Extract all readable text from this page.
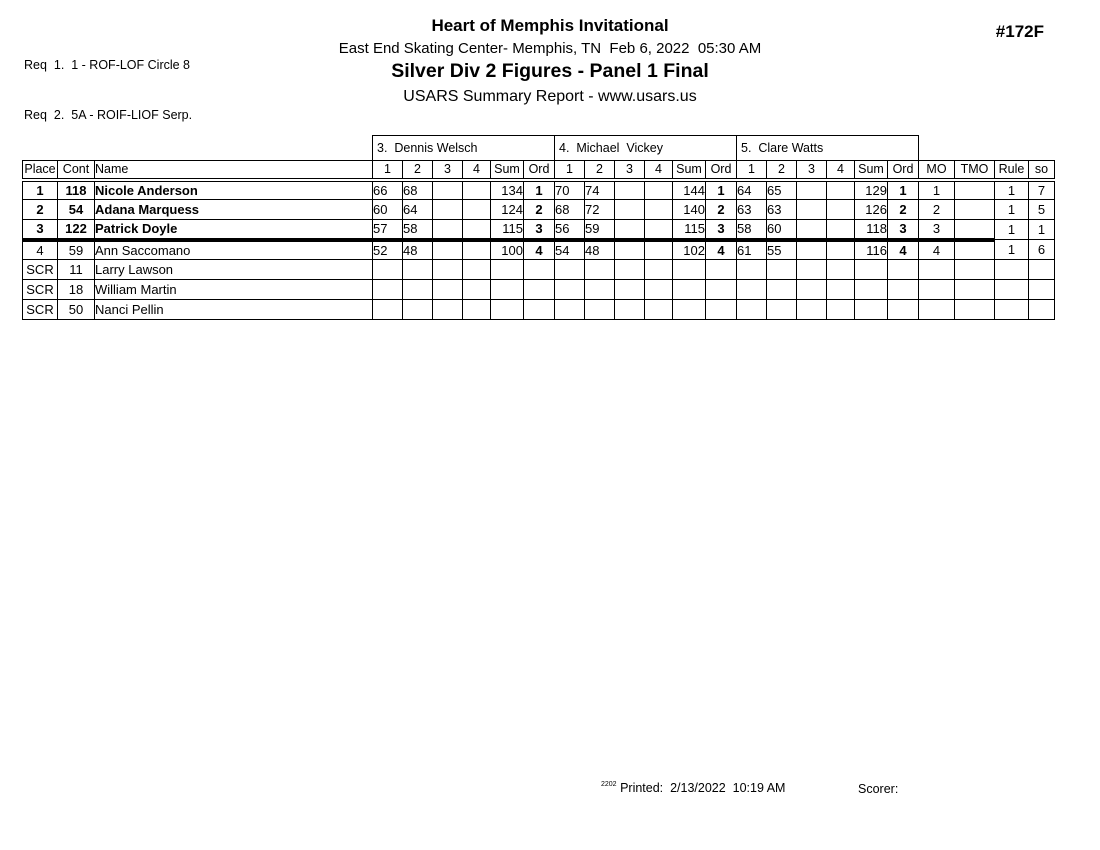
Req  1.  1 - ROF-LOF Circle 8

Req  2.  5A - ROIF-LIOF Serp.

Heart of Memphis Invitational
East End Skating Center- Memphis, TN  Feb 6, 2022  05:30 AM
Silver Div 2 Figures - Panel 1 Final
USARS Summary Report - www.usars.us
#172F
			3.  Dennis Welsch						4.  Michael  Vickey						5.  Clare Watts									
Place	Cont	Name	1	2	3	4	Sum	Ord	1	2	3	4	Sum	Ord	1	2	3	4	Sum	Ord	MO	TMO	Rule	so
1	118	Nicole Anderson	66	68			134	1	70	74			144	1	64	65			129	1	1		1	7
2	54	Adana Marquess	60	64			124	2	68	72			140	2	63	63			126	2	2		1	5
3	122	Patrick Doyle	57	58			115	3	56	59			115	3	58	60			118	3	3		1	1
4	59	Ann Saccomano	52	48			100	4	54	48			102	4	61	55			116	4	4		1	6
SCR	11	Larry Lawson																						
SCR	18	William Martin																						
SCR	50	Nanci Pellin																						
$^{2202}$ Printed:  2/13/2022  10:19 AM	Scorer:
